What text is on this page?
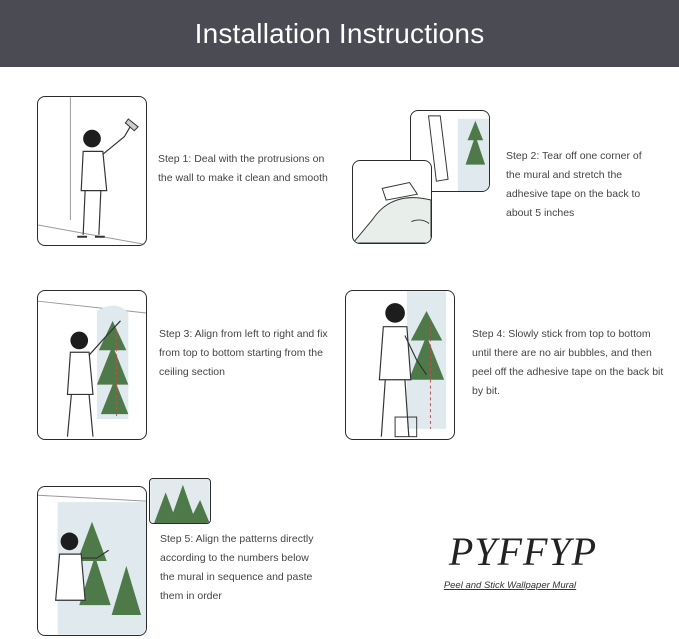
Installation Instructions
Step 1: Deal with the protrusions on the wall to make it clean and smooth
Step 2: Tear off one corner of the mural and stretch the adhesive tape on the back to about 5 inches
Step 3: Align from left to right and fix from top to bottom starting from the ceiling section
Step 4: Slowly stick from top to bottom until there are no air bubbles, and then peel off the adhesive tape on the back bit by bit.
Step 5: Align the patterns directly according to the numbers below the mural in sequence and paste them in order
PYFFYP
Peel and Stick Wallpaper Mural
